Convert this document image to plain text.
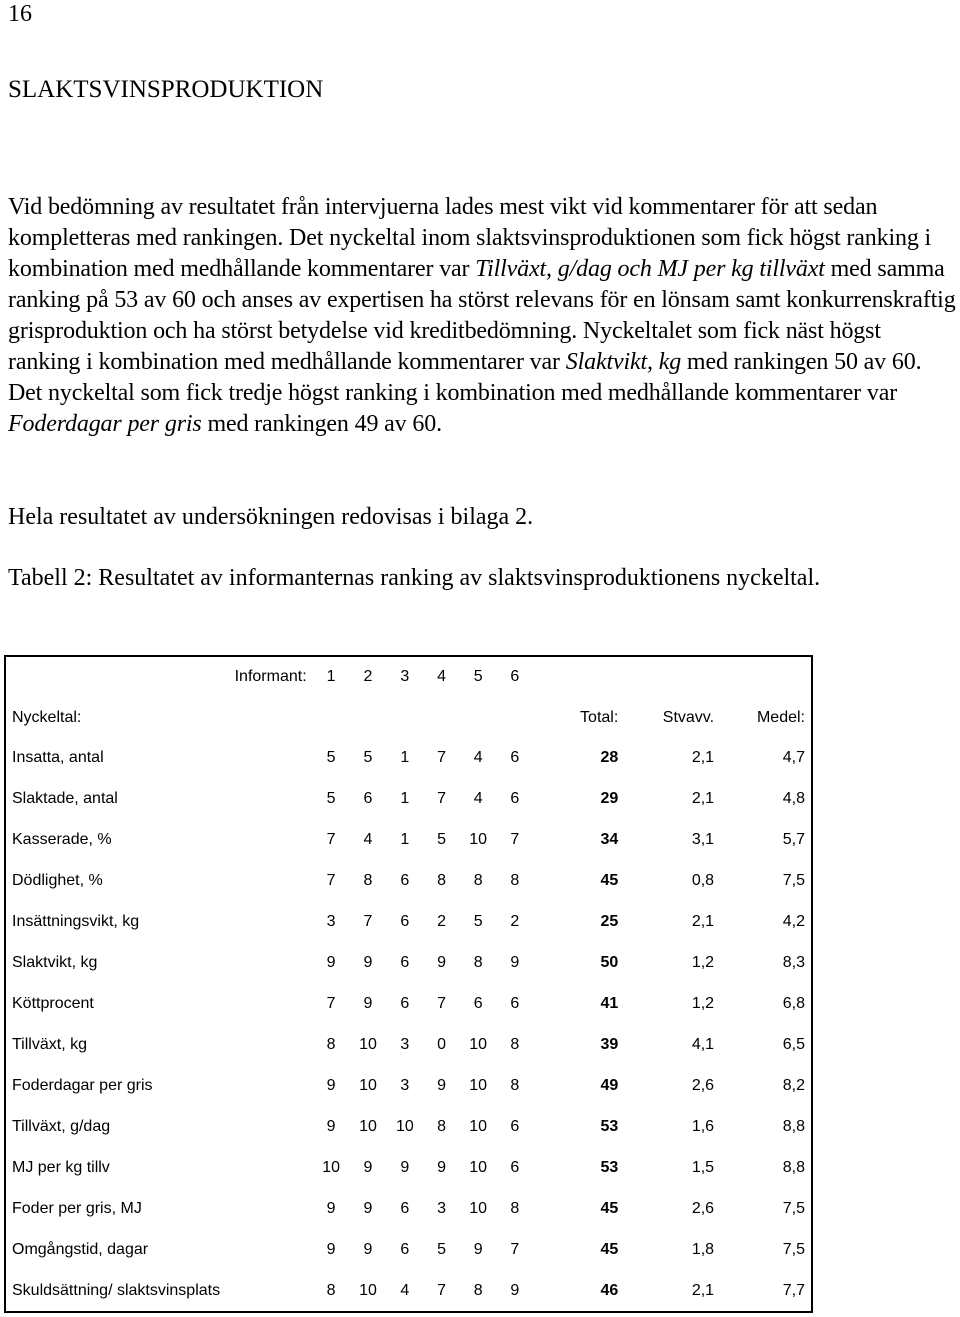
16
SLAKTSVINSPRODUKTION

Vid bedömning av resultatet från intervjuerna lades mest vikt vid kommentarer för att sedan kompletteras med rankingen. Det nyckeltal inom slaktsvinsproduktionen som fick högst ranking i kombination med medhållande kommentarer var Tillväxt, g/dag och MJ per kg tillväxt med samma ranking på 53 av 60 och anses av expertisen ha störst relevans för en lönsam samt konkurrenskraftig grisproduktion och ha störst betydelse vid kreditbedömning. Nyckeltalet som fick näst högst ranking i kombination med medhållande kommentarer var Slaktvikt, kg med rankingen 50 av 60. Det nyckeltal som fick tredje högst ranking i kombination med medhållande kommentarer var Foderdagar per gris med rankingen 49 av 60.

Hela resultatet av undersökningen redovisas i bilaga 2.

Tabell 2: Resultatet av informanternas ranking av slaktsvinsproduktionens nyckeltal.

Informant:	1	2	3	4	5	6			
Nyckeltal:							Total:	Stvavv.	Medel:
Insatta, antal	5	5	1	7	4	6	28	2,1	4,7
Slaktade, antal	5	6	1	7	4	6	29	2,1	4,8
Kasserade, %	7	4	1	5	10	7	34	3,1	5,7
Dödlighet, %	7	8	6	8	8	8	45	0,8	7,5
Insättningsvikt, kg	3	7	6	2	5	2	25	2,1	4,2
Slaktvikt, kg	9	9	6	9	8	9	50	1,2	8,3
Köttprocent	7	9	6	7	6	6	41	1,2	6,8
Tillväxt, kg	8	10	3	0	10	8	39	4,1	6,5
Foderdagar per gris	9	10	3	9	10	8	49	2,6	8,2
Tillväxt, g/dag	9	10	10	8	10	6	53	1,6	8,8
MJ per kg tillv	10	9	9	9	10	6	53	1,5	8,8
Foder per gris, MJ	9	9	6	3	10	8	45	2,6	7,5
Omgångstid, dagar	9	9	6	5	9	7	45	1,8	7,5
Skuldsättning/ slaktsvinsplats	8	10	4	7	8	9	46	2,1	7,7
